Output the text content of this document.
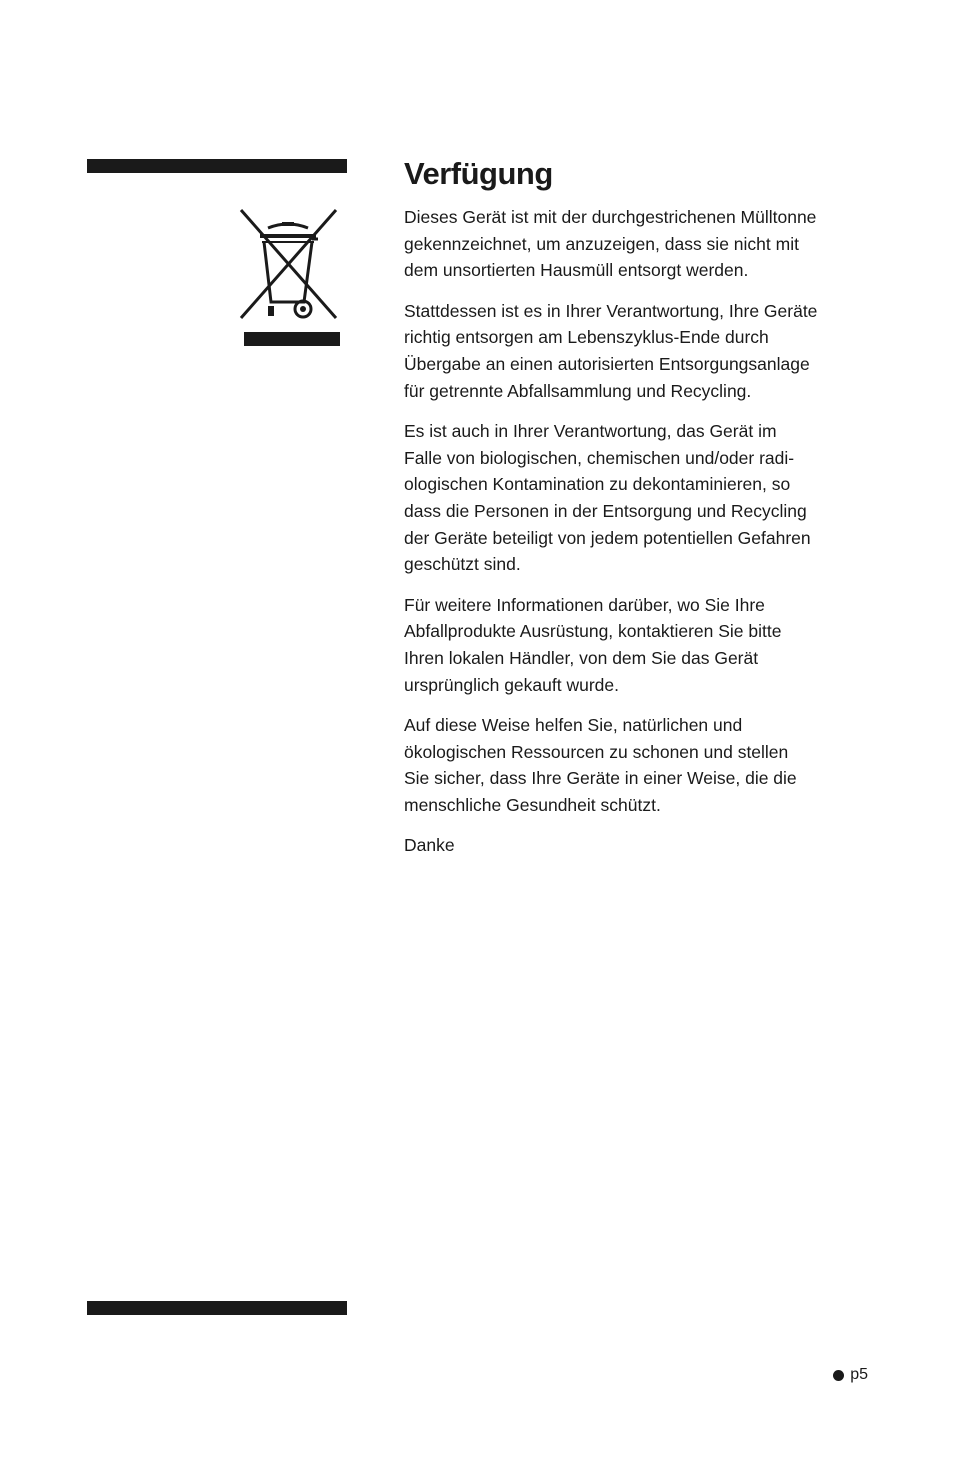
Verfügung

Dieses Gerät ist mit der durchgestrichenen Mülltonne
gekennzeichnet, um anzuzeigen, dass sie nicht mit
dem unsortierten Hausmüll entsorgt werden.

Stattdessen ist es in Ihrer Verantwortung, Ihre Geräte
richtig entsorgen am Lebenszyklus-Ende durch
Übergabe an einen autorisierten Entsorgungsanlage
für getrennte Abfallsammlung und Recycling.

Es ist auch in Ihrer Verantwortung, das Gerät im
Falle von biologischen, chemischen und/oder radi-
ologischen Kontamination zu dekontaminieren, so
dass die Personen in der Entsorgung und Recycling
der Geräte beteiligt von jedem potentiellen Gefahren
geschützt sind.

Für weitere Informationen darüber, wo Sie Ihre
Abfallprodukte Ausrüstung, kontaktieren Sie bitte
Ihren lokalen Händler, von dem Sie das Gerät
ursprünglich gekauft wurde.

Auf diese Weise helfen Sie, natürlichen und
ökologischen Ressourcen zu schonen und stellen
Sie sicher, dass Ihre Geräte in einer Weise, die die
menschliche Gesundheit schützt.

Danke

p5
